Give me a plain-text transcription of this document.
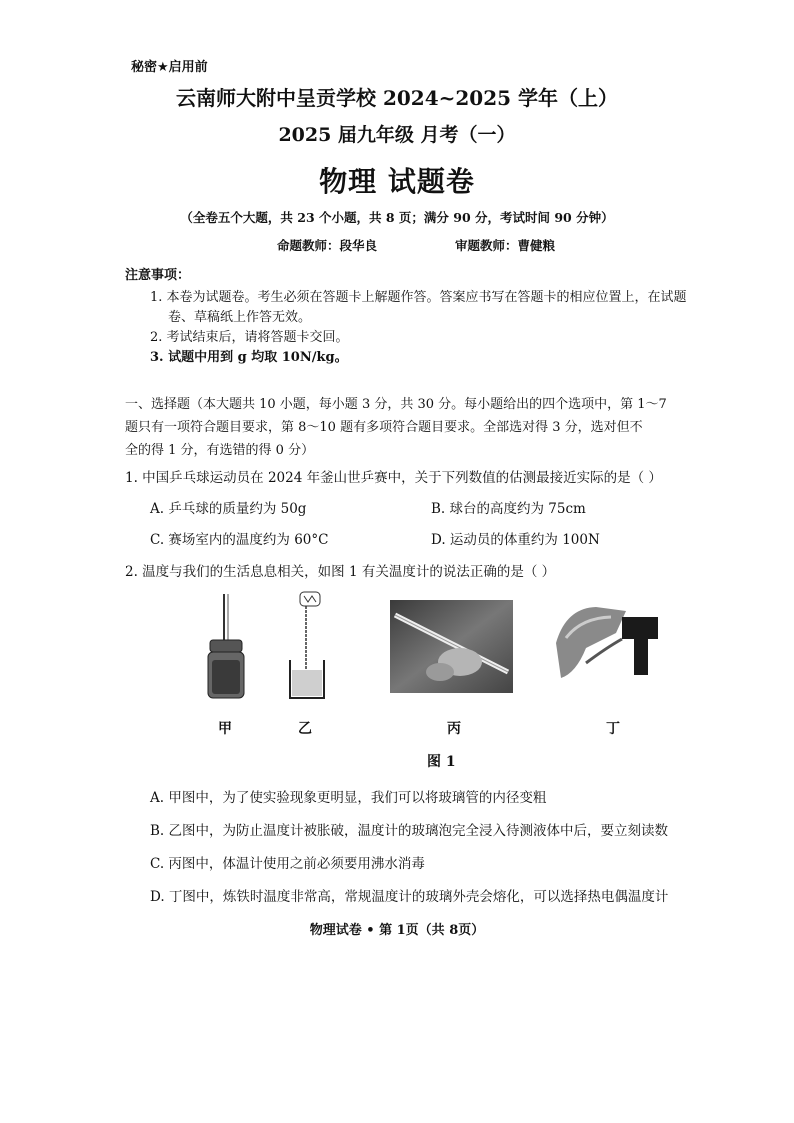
秘密★启用前
云南师大附中呈贡学校 2024~2025 学年（上）
2025 届九年级 月考（一）
物理 试题卷
（全卷五个大题，共 23 个小题，共 8 页；满分 90 分，考试时间 90 分钟）
命题教师：段华良	审题教师：曹健粮
注意事项：
1. 本卷为试题卷。考生必须在答题卡上解题作答。答案应书写在答题卡的相应位置上，在试题
卷、草稿纸上作答无效。
2. 考试结束后，请将答题卡交回。
3. 试题中用到 g 均取 10N/kg。
一、选择题（本大题共 10 小题，每小题 3 分，共 30 分。每小题给出的四个选项中，第 1～7
题只有一项符合题目要求，第 8～10 题有多项符合题目要求。全部选对得 3 分，选对但不
全的得 1 分，有选错的得 0 分）
1. 中国乒乓球运动员在 2024 年釜山世乒赛中，关于下列数值的估测最接近实际的是（ ）
A. 乒乓球的质量约为 50g	B. 球台的高度约为 75cm
C. 赛场室内的温度约为 60°C	D. 运动员的体重约为 100N
2. 温度与我们的生活息息相关，如图 1 有关温度计的说法正确的是（ ）
甲	乙	丙	丁
图 1
A. 甲图中，为了使实验现象更明显，我们可以将玻璃管的内径变粗
B. 乙图中，为防止温度计被胀破，温度计的玻璃泡完全浸入待测液体中后，要立刻读数
C. 丙图中，体温计使用之前必须要用沸水消毒
D. 丁图中，炼铁时温度非常高，常规温度计的玻璃外壳会熔化，可以选择热电偶温度计
物理试卷 • 第 1页（共 8页）
